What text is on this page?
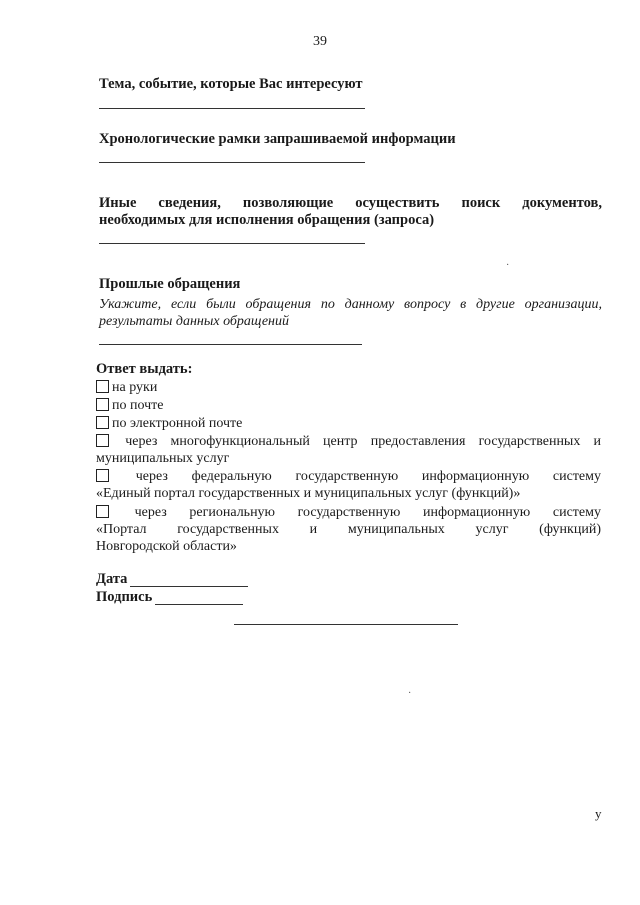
39
Тема, событие, которые Вас интересуют
Хронологические рамки запрашиваемой информации
Иные сведения, позволяющие осуществить поиск документов,
необходимых для исполнения обращения (запроса)
Прошлые обращения
Укажите, если были обращения по данному вопросу в другие организации,
результаты данных обращений
Ответ выдать:
на руки
по почте
по электронной почте
через многофункциональный центр предоставления государственных и
муниципальных услуг
через федеральную государственную информационную систему
«Единый портал государственных и муниципальных услуг (функций)»
через региональную государственную информационную систему
«Портал государственных и муниципальных услуг (функций)
Новгородской области»
Дата
Подпись
·
·
у
